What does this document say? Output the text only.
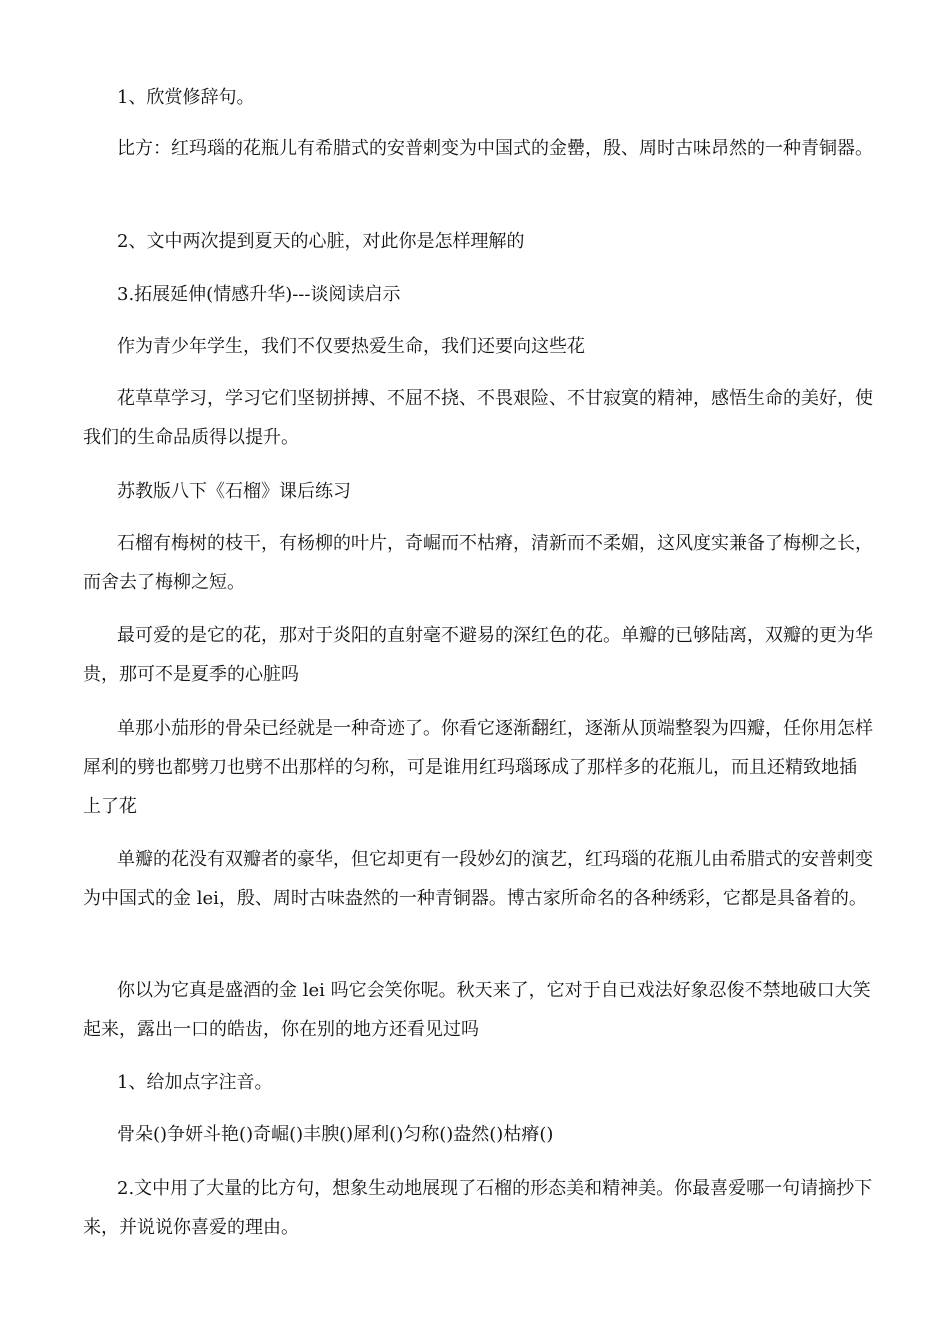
1、欣赏修辞句。

比方：红玛瑙的花瓶儿有希腊式的安普剌变为中国式的金罍，殷、周时古味昂然的一种青铜器。

2、文中两次提到夏天的心脏，对此你是怎样理解的

3.拓展延伸(情感升华)---谈阅读启示

作为青少年学生，我们不仅要热爱生命，我们还要向这些花

花草草学习，学习它们坚韧拼搏、不屈不挠、不畏艰险、不甘寂寞的精神，感悟生命的美好，使我们的生命品质得以提升。

苏教版八下《石榴》课后练习

石榴有梅树的枝干，有杨柳的叶片，奇崛而不枯瘠，清新而不柔媚，这风度实兼备了梅柳之长，而舍去了梅柳之短。

最可爱的是它的花，那对于炎阳的直射毫不避易的深红色的花。单瓣的已够陆离，双瓣的更为华贵，那可不是夏季的心脏吗

单那小茄形的骨朵已经就是一种奇迹了。你看它逐渐翻红，逐渐从顶端整裂为四瓣，任你用怎样犀利的劈也都劈刀也劈不出那样的匀称，可是谁用红玛瑙琢成了那样多的花瓶儿，而且还精致地插上了花

单瓣的花没有双瓣者的豪华，但它却更有一段妙幻的演艺，红玛瑙的花瓶儿由希腊式的安普剌变为中国式的金 lei，殷、周时古味盎然的一种青铜器。博古家所命名的各种绣彩，它都是具备着的。

你以为它真是盛酒的金 lei 吗它会笑你呢。秋天来了，它对于自已戏法好象忍俊不禁地破口大笑起来，露出一口的皓齿，你在别的地方还看见过吗

1、给加点字注音。

骨朵()争妍斗艳()奇崛()丰腴()犀利()匀称()盎然()枯瘠()

2.文中用了大量的比方句，想象生动地展现了石榴的形态美和精神美。你最喜爱哪一句请摘抄下来，并说说你喜爱的理由。
